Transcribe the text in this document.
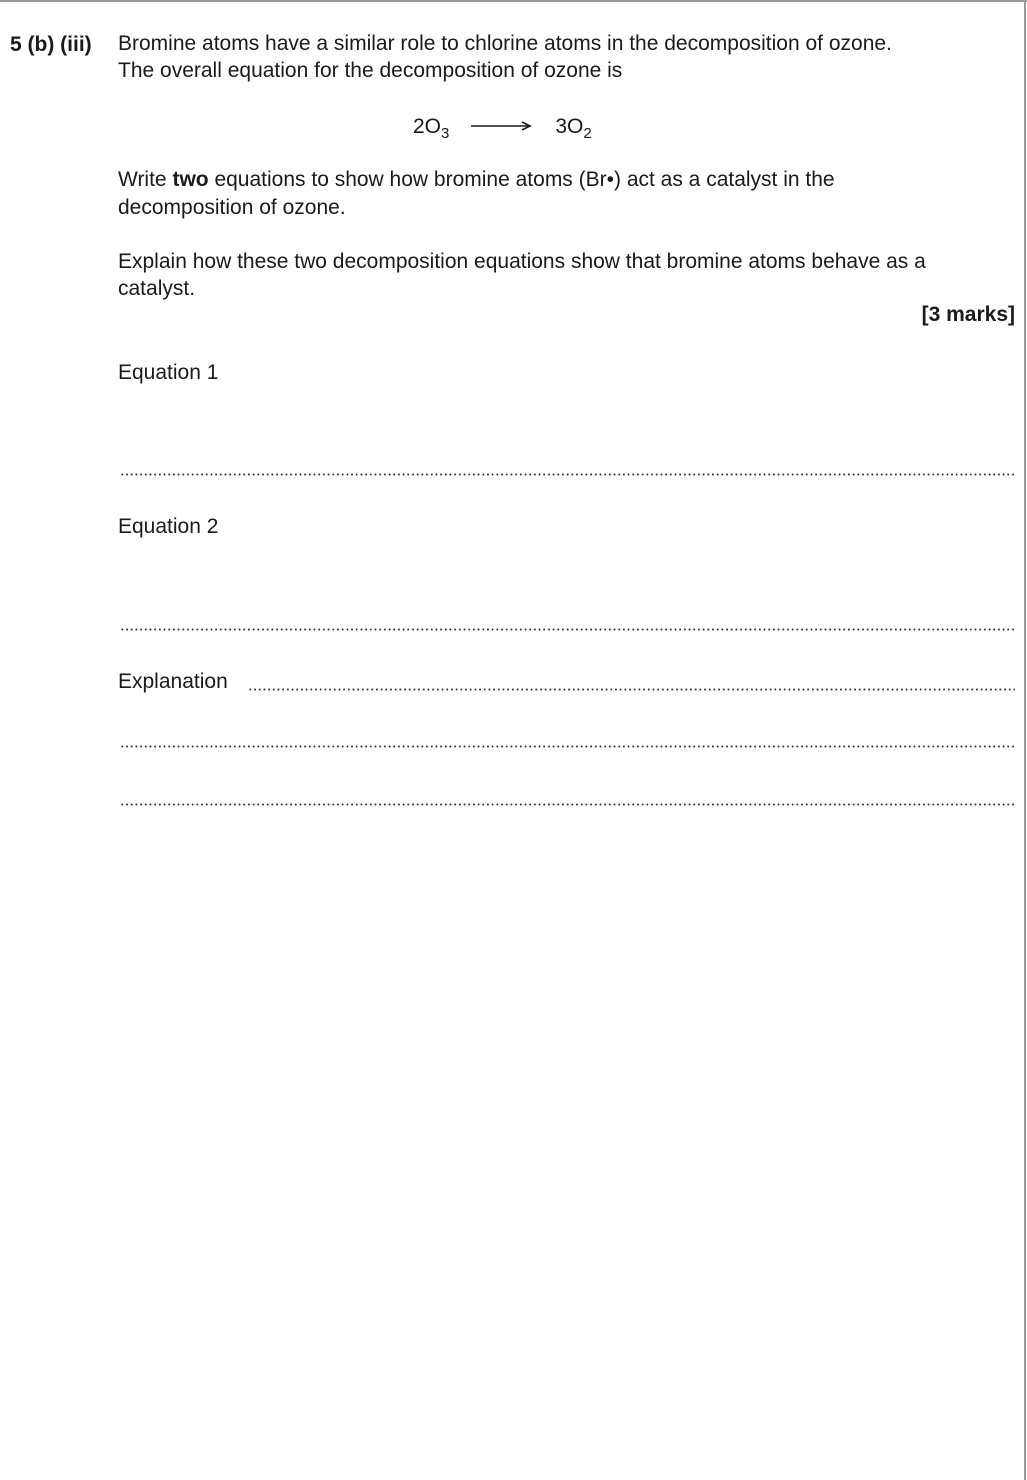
5 (b) (iii) Bromine atoms have a similar role to chlorine atoms in the decomposition of ozone.
The overall equation for the decomposition of ozone is
$2O_3 \to 3O_2$
Write two equations to show how bromine atoms (Br•) act as a catalyst in the
decomposition of ozone.
Explain how these two decomposition equations show that bromine atoms behave as a
catalyst.
[3 marks]
Equation 1
Equation 2
Explanation
